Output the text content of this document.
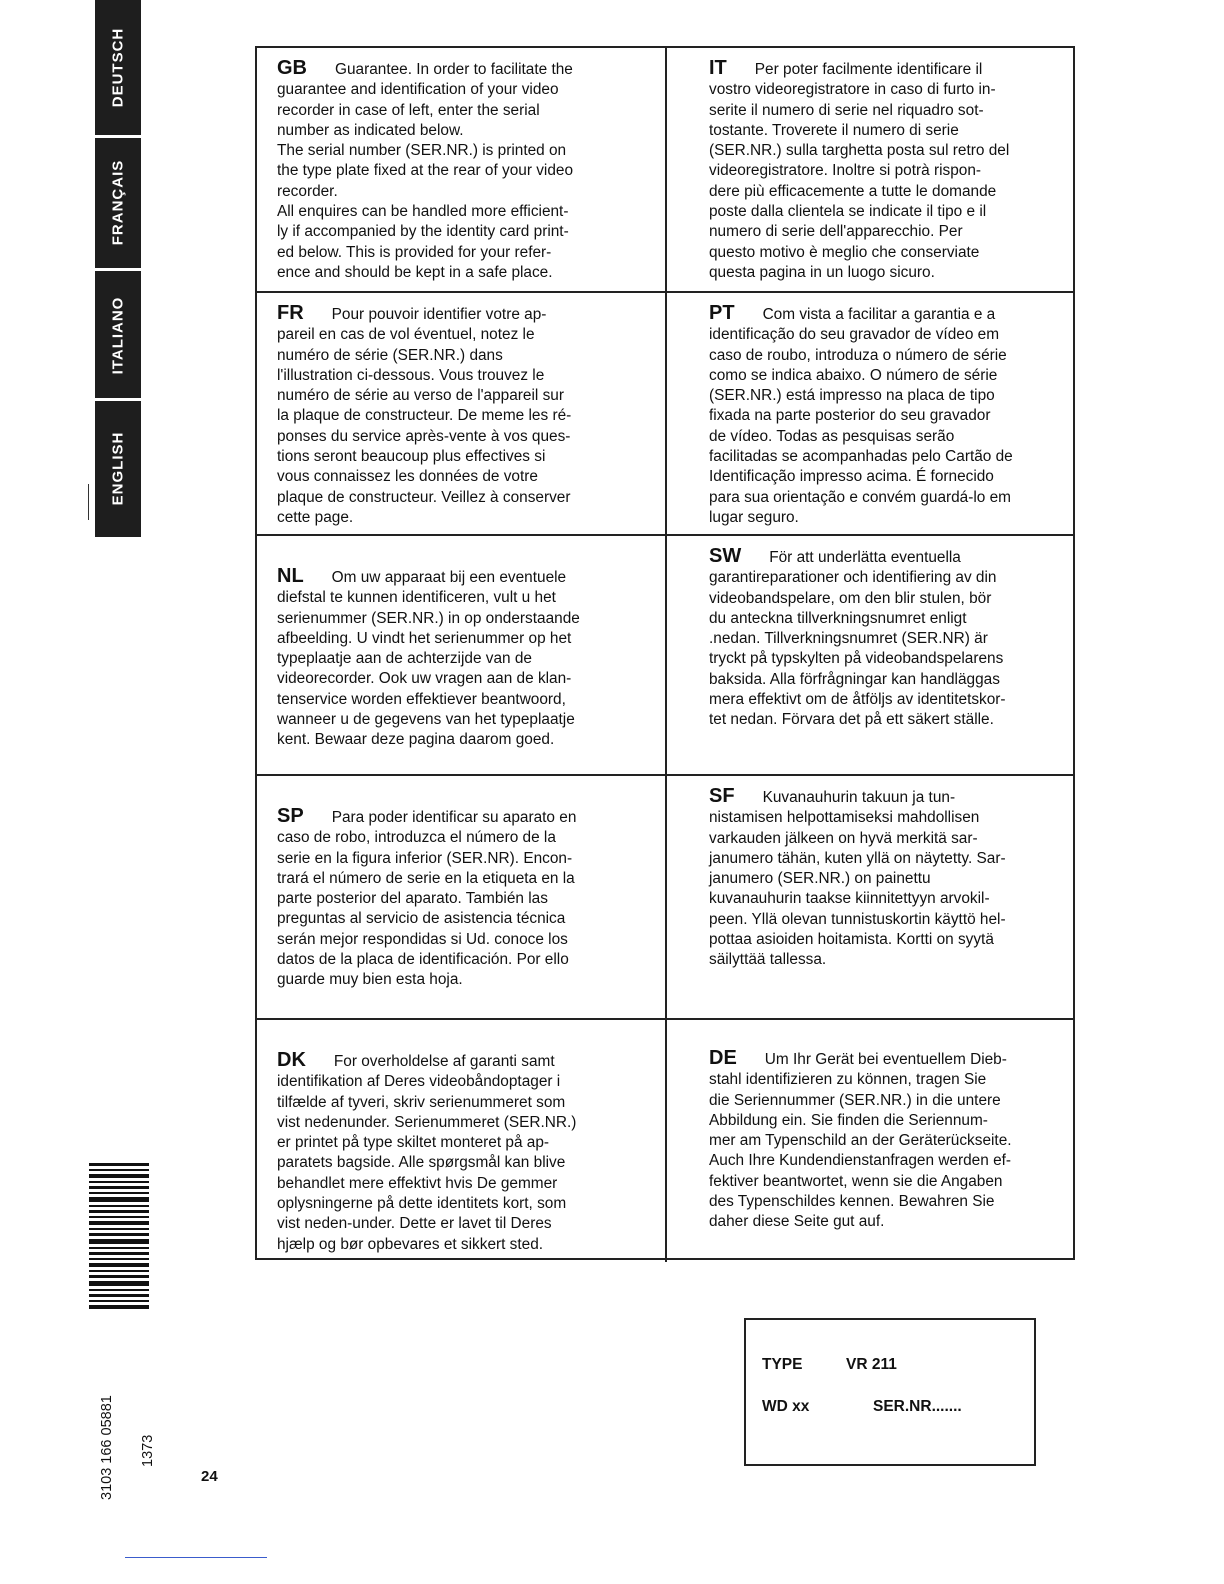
DEUTSCH
FRANÇAIS
ITALIANO
ENGLISH

GB Guarantee. In order to facilitate the

guarantee and identification of your video

recorder in case of left, enter the serial

number as indicated below.

The serial number (SER.NR.) is printed on

the type plate fixed at the rear of your video

recorder.

All enquires can be handled more efficient-

ly if accompanied by the identity card print-

ed below. This is provided for your refer-

ence and should be kept in a safe place.

IT Per poter facilmente identificare il

vostro videoregistratore in caso di furto in-

serite il numero di serie nel riquadro sot-

tostante. Troverete il numero di serie

(SER.NR.) sulla targhetta posta sul retro del

videoregistratore. Inoltre si potrà rispon-

dere più efficacemente a tutte le domande

poste dalla clientela se indicate il tipo e il

numero di serie dell'apparecchio. Per

questo motivo è meglio che conserviate

questa pagina in un luogo sicuro.

FR Pour pouvoir identifier votre ap-

pareil en cas de vol éventuel, notez le

numéro de série (SER.NR.) dans

l'illustration ci-dessous. Vous trouvez le

numéro de série au verso de l'appareil sur

la plaque de constructeur. De meme les ré-

ponses du service après-vente à vos ques-

tions seront beaucoup plus effectives si

vous connaissez les données de votre

plaque de constructeur. Veillez à conserver

cette page.

PT Com vista a facilitar a garantia e a

identificação do seu gravador de vídeo em

caso de roubo, introduza o número de série

como se indica abaixo. O número de série

(SER.NR.) está impresso na placa de tipo

fixada na parte posterior do seu gravador

de vídeo. Todas as pesquisas serão

facilitadas se acompanhadas pelo Cartão de

Identificação impresso acima. É fornecido

para sua orientação e convém guardá-lo em

lugar seguro.

NL Om uw apparaat bij een eventuele

diefstal te kunnen identificeren, vult u het

serienummer (SER.NR.) in op onderstaande

afbeelding. U vindt het serienummer op het

typeplaatje aan de achterzijde van de

videorecorder. Ook uw vragen aan de klan-

tenservice worden effektiever beantwoord,

wanneer u de gegevens van het typeplaatje

kent. Bewaar deze pagina daarom goed.

SW För att underlätta eventuella

garantireparationer och identifiering av din

videobandspelare, om den blir stulen, bör

du anteckna tillverkningsnumret enligt

.nedan. Tillverkningsnumret (SER.NR) är

tryckt på typskylten på videobandspelarens

baksida. Alla förfrågningar kan handläggas

mera effektivt om de åtföljs av identitetskor-

tet nedan. Förvara det på ett säkert ställe.

SP Para poder identificar su aparato en

caso de robo, introduzca el número de la

serie en la figura inferior (SER.NR). Encon-

trará el número de serie en la etiqueta en la

parte posterior del aparato. También las

preguntas al servicio de asistencia técnica

serán mejor respondidas si Ud. conoce los

datos de la placa de identificación. Por ello

guarde muy bien esta hoja.

SF Kuvanauhurin takuun ja tun-

nistamisen helpottamiseksi mahdollisen

varkauden jälkeen on hyvä merkitä sar-

janumero tähän, kuten yllä on näytetty. Sar-

janumero (SER.NR.) on painettu

kuvanauhurin taakse kiinnitettyyn arvokil-

peen. Yllä olevan tunnistuskortin käyttö hel-

pottaa asioiden hoitamista. Kortti on syytä

säilyttää tallessa.

DK For overholdelse af garanti samt

identifikation af Deres videobåndoptager i

tilfælde af tyveri, skriv serienummeret som

vist nedenunder. Serienummeret (SER.NR.)

er printet på type skiltet monteret på ap-

paratets bagside. Alle spørgsmål kan blive

behandlet mere effektivt hvis De gemmer

oplysningerne på dette identitets kort, som

vist neden-under. Dette er lavet til Deres

hjælp og bør opbevares et sikkert sted.

DE Um Ihr Gerät bei eventuellem Dieb-

stahl identifizieren zu können, tragen Sie

die Seriennummer (SER.NR.) in die untere

Abbildung ein. Sie finden die Seriennum-

mer am Typenschild an der Geräterückseite.

Auch Ihre Kundendienstanfragen werden ef-

fektiver beantwortet, wenn sie die Angaben

des Typenschildes kennen. Bewahren Sie

daher diese Seite gut auf.

TYPE	VR 211
WD xx	SER.NR.......
3103 166 05881 1373
24
